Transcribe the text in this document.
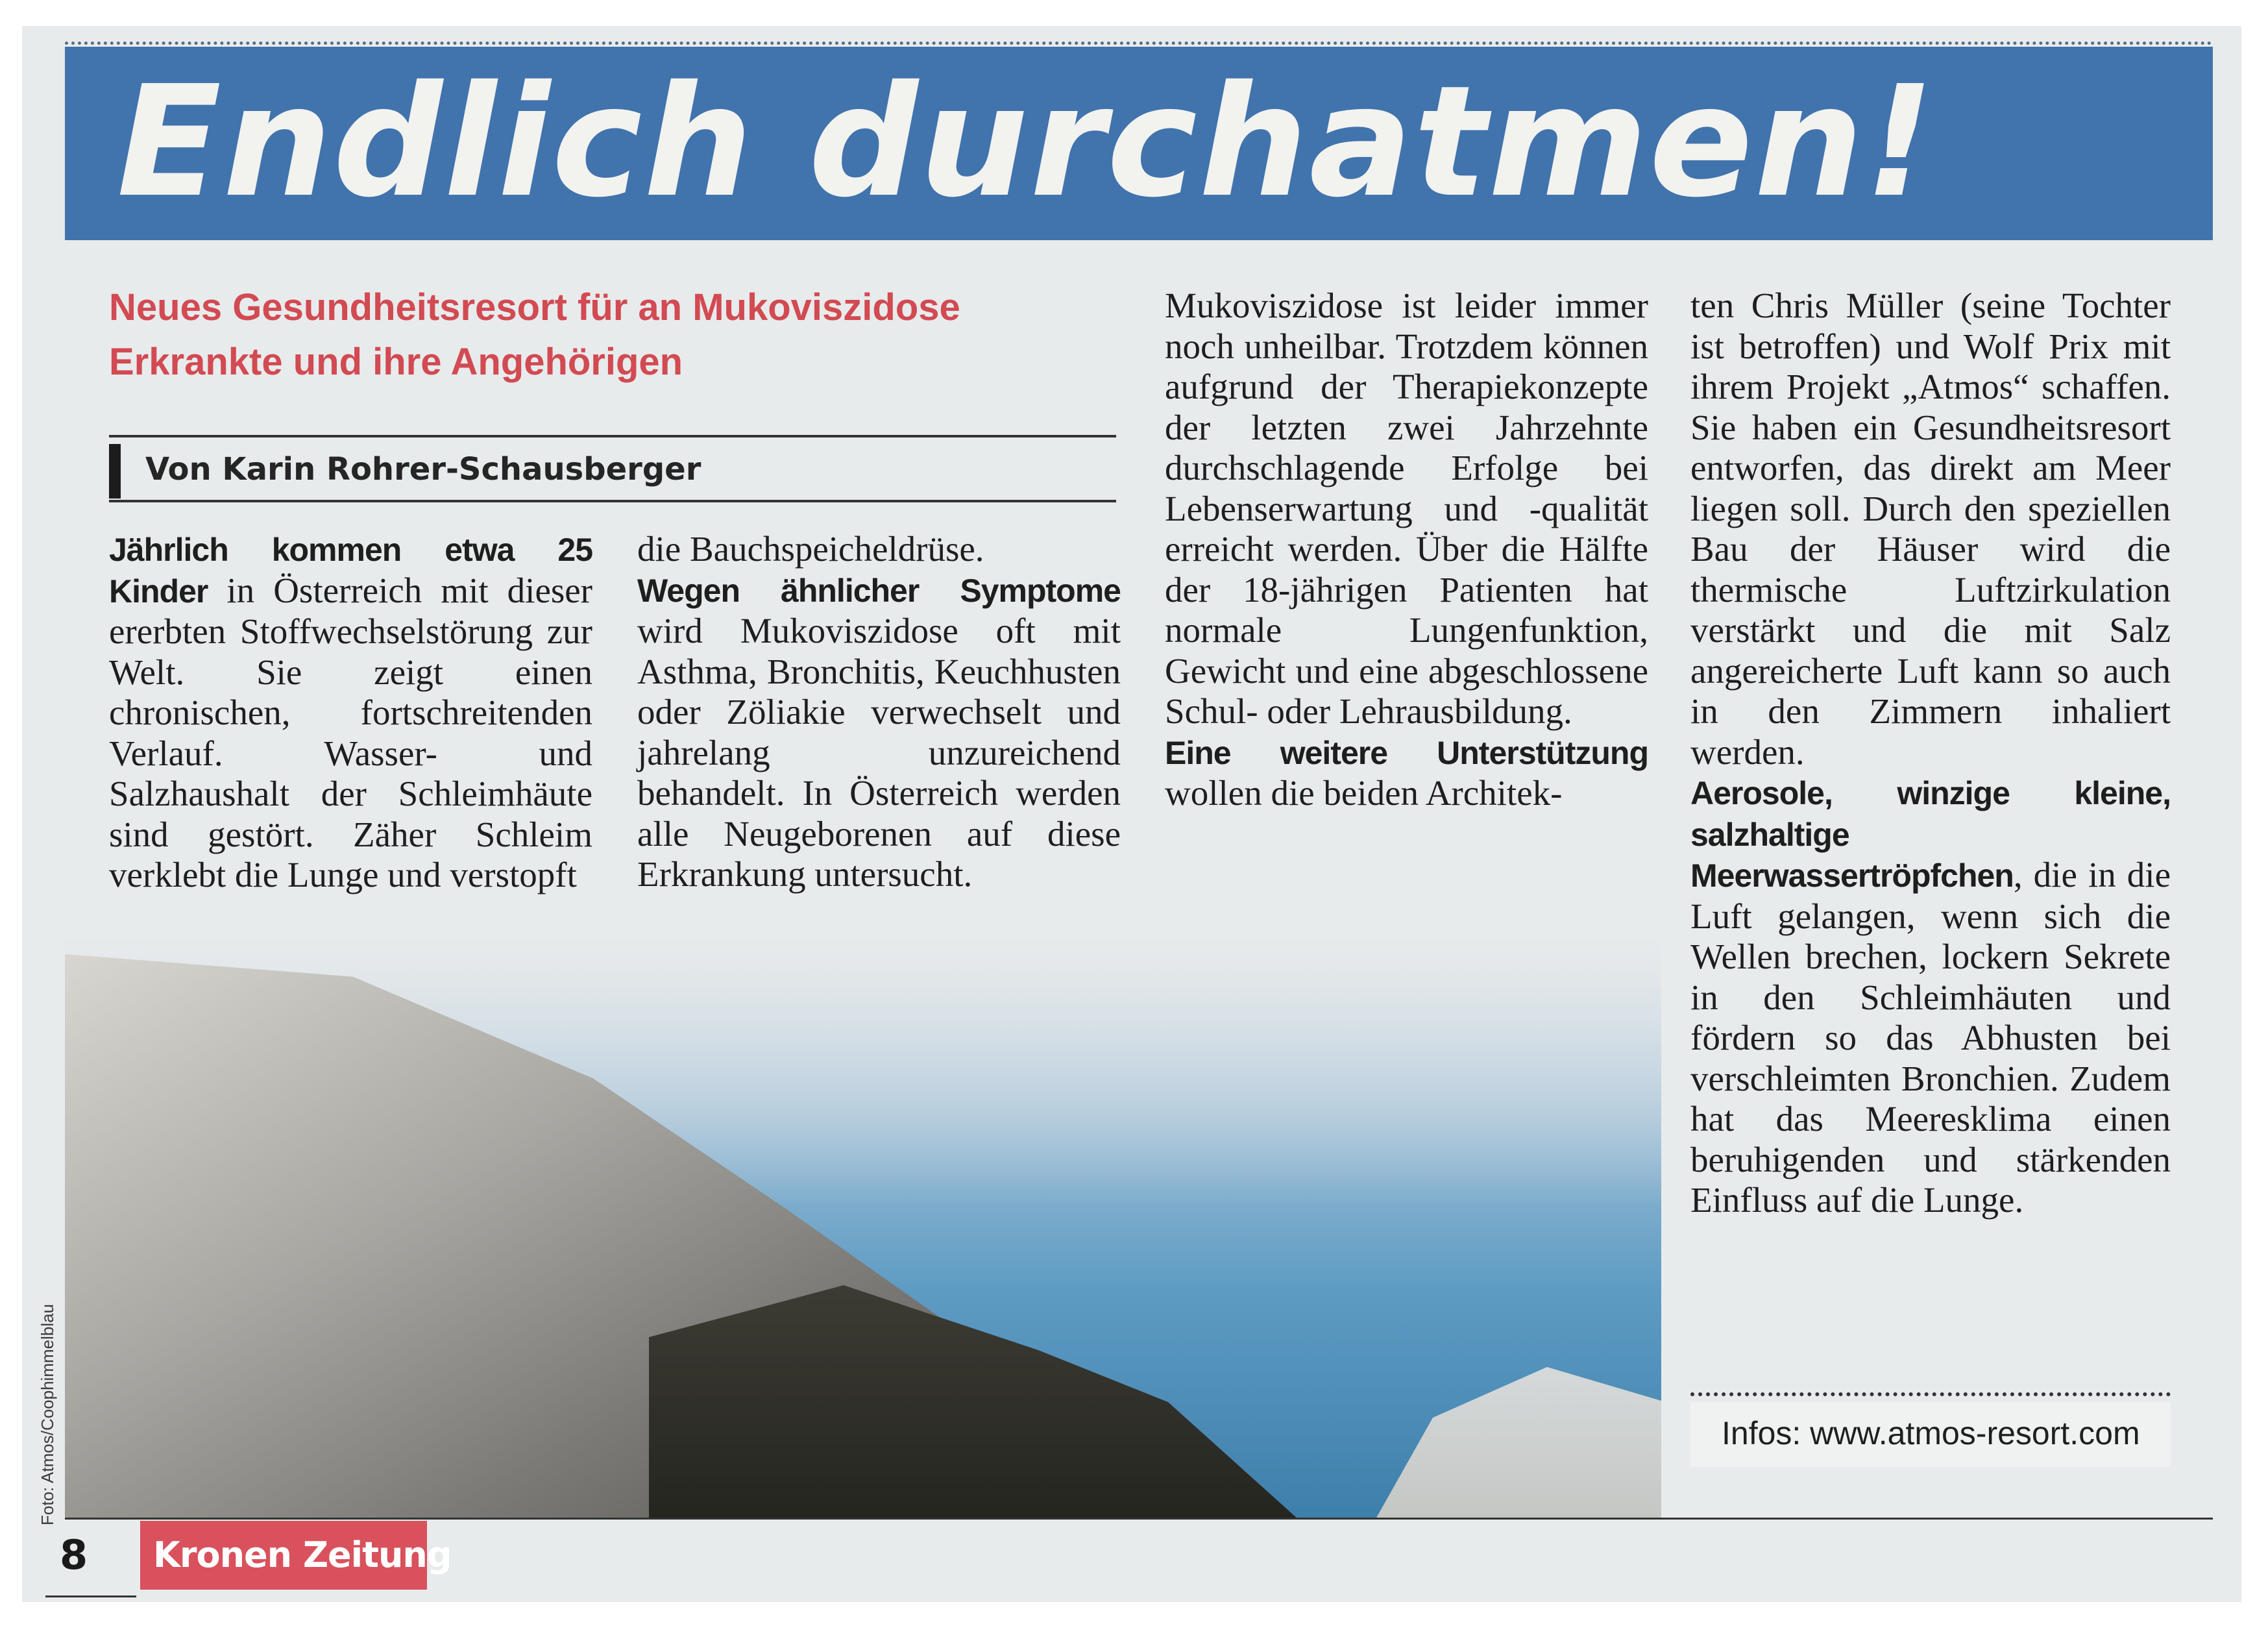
Endlich durchatmen!
Neues Gesundheitsresort für an Mukoviszidose
Erkrankte und ihre Angehörigen
Von Karin Rohrer-Schausberger

Jährlich kommen etwa 25 Kinder in Österreich mit dieser ererbten Stoffwechselstörung zur Welt. Sie zeigt einen chronischen, fortschreitenden Verlauf. Wasser- und Salzhaushalt der Schleimhäute sind gestört. Zäher Schleim verklebt die Lunge und verstopft

die Bauchspeicheldrüse.

Wegen ähnlicher Symptome wird Mukoviszidose oft mit Asthma, Bronchitis, Keuchhusten oder Zöliakie verwechselt und jahrelang unzureichend behandelt. In Österreich werden alle Neugeborenen auf diese Erkrankung untersucht.

Mukoviszidose ist leider immer noch unheilbar. Trotzdem können aufgrund der Therapiekonzepte der letzten zwei Jahrzehnte durchschlagende Erfolge bei Lebenserwartung und -qualität erreicht werden. Über die Hälfte der 18-jährigen Patienten hat normale Lungenfunktion, Gewicht und eine abgeschlossene Schul- oder Lehrausbildung.

Eine weitere Unterstützung wollen die beiden Architek-

ten Chris Müller (seine Tochter ist betroffen) und Wolf Prix mit ihrem Projekt „Atmos“ schaffen. Sie haben ein Gesundheitsresort entworfen, das direkt am Meer liegen soll. Durch den speziellen Bau der Häuser wird die thermische Luftzirkulation verstärkt und die mit Salz angereicherte Luft kann so auch in den Zimmern inhaliert werden.

Aerosole, winzige kleine, salzhaltige Meerwassertröpfchen, die in die Luft gelangen, wenn sich die Wellen brechen, lockern Sekrete in den Schleimhäuten und fördern so das Abhusten bei verschleimten Bronchien. Zudem hat das Meeresklima einen beruhigenden und stärkenden Einfluss auf die Lunge.

Infos: www.atmos-resort.com
8 Kronen Zeitung
